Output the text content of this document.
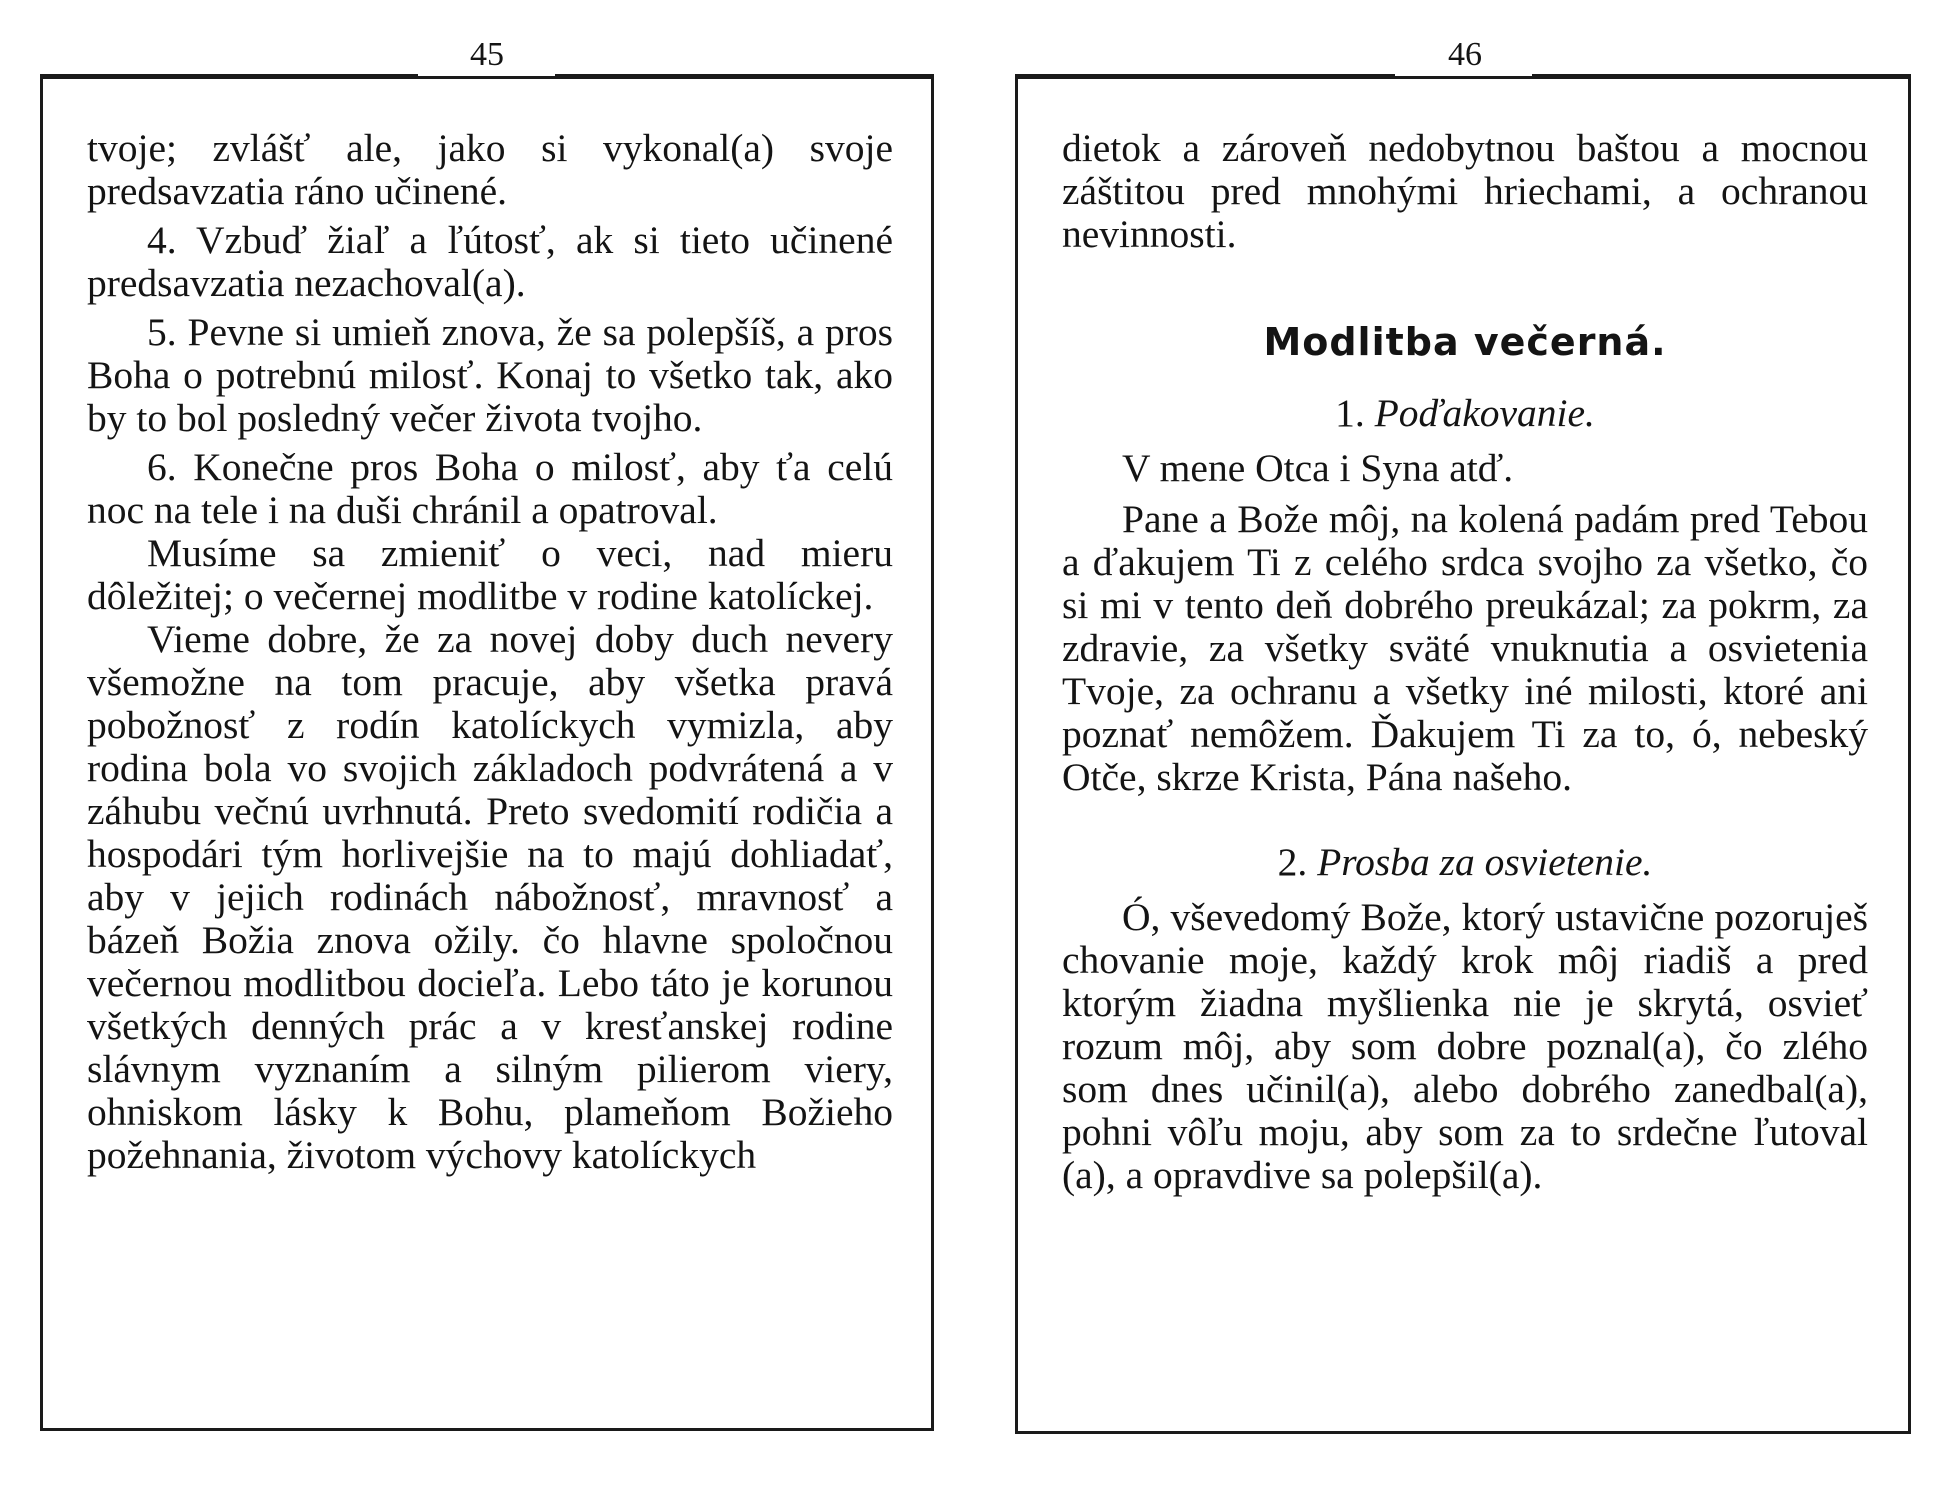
45	46

tvoje; zvlášť ale, jako si vykonal(a) svoje predsavzatia ráno učinené.

4. Vzbuď žiaľ a ľútosť, ak si tieto učinené predsavzatia nezachoval(a).

5. Pevne si umieň znova, že sa polepšíš, a pros Boha o potrebnú milosť. Konaj to všetko tak, ako by to bol posledný večer života tvojho.

6. Konečne pros Boha o milosť, aby ťa celú noc na tele i na duši chránil a opatroval.

Musíme sa zmieniť o veci, nad mieru dôležitej; o večernej modlitbe v rodine katolíckej.

Vieme dobre, že za novej doby duch nevery všemožne na tom pracuje, aby všetka pravá pobožnosť z rodín katolíckych vymizla, aby rodina bola vo svojich základoch podvrátená a v záhubu večnú uvrhnutá. Preto svedomití rodičia a hospodári tým horlivejšie na to majú dohliadať, aby v jejich rodinách nábožnosť, mravnosť a bázeň Božia znova ožily. čo hlavne spoločnou večernou modlitbou docieľa. Lebo táto je korunou všetkých denných prác a v kresťanskej rodine slávnym vyznaním a silným pilierom viery, ohniskom lásky k Bohu, plameňom Božieho požehnania, životom výchovy katolíckych

dietok a zároveň nedobytnou baštou a mocnou záštitou pred mnohými hriechami, a ochranou nevinnosti.

Modlitba večerná.

1. Poďakovanie.

V mene Otca i Syna atď.

Pane a Bože môj, na kolená padám pred Tebou a ďakujem Ti z celého srdca svojho za všetko, čo si mi v tento deň dobrého preukázal; za pokrm, za zdravie, za všetky sväté vnuknutia a osvietenia Tvoje, za ochranu a všetky iné milosti, ktoré ani poznať nemôžem. Ďakujem Ti za to, ó, nebeský Otče, skrze Krista, Pána našeho.

2. Prosba za osvietenie.

Ó, vševedomý Bože, ktorý ustavične pozoruješ chovanie moje, každý krok môj riadiš a pred ktorým žiadna myšlienka nie je skrytá, osvieť rozum môj, aby som dobre poznal(a), čo zlého som dnes učinil(a), alebo dobrého zanedbal(a), pohni vôľu moju, aby som za to srdečne ľutoval (a), a opravdive sa polepšil(a).
